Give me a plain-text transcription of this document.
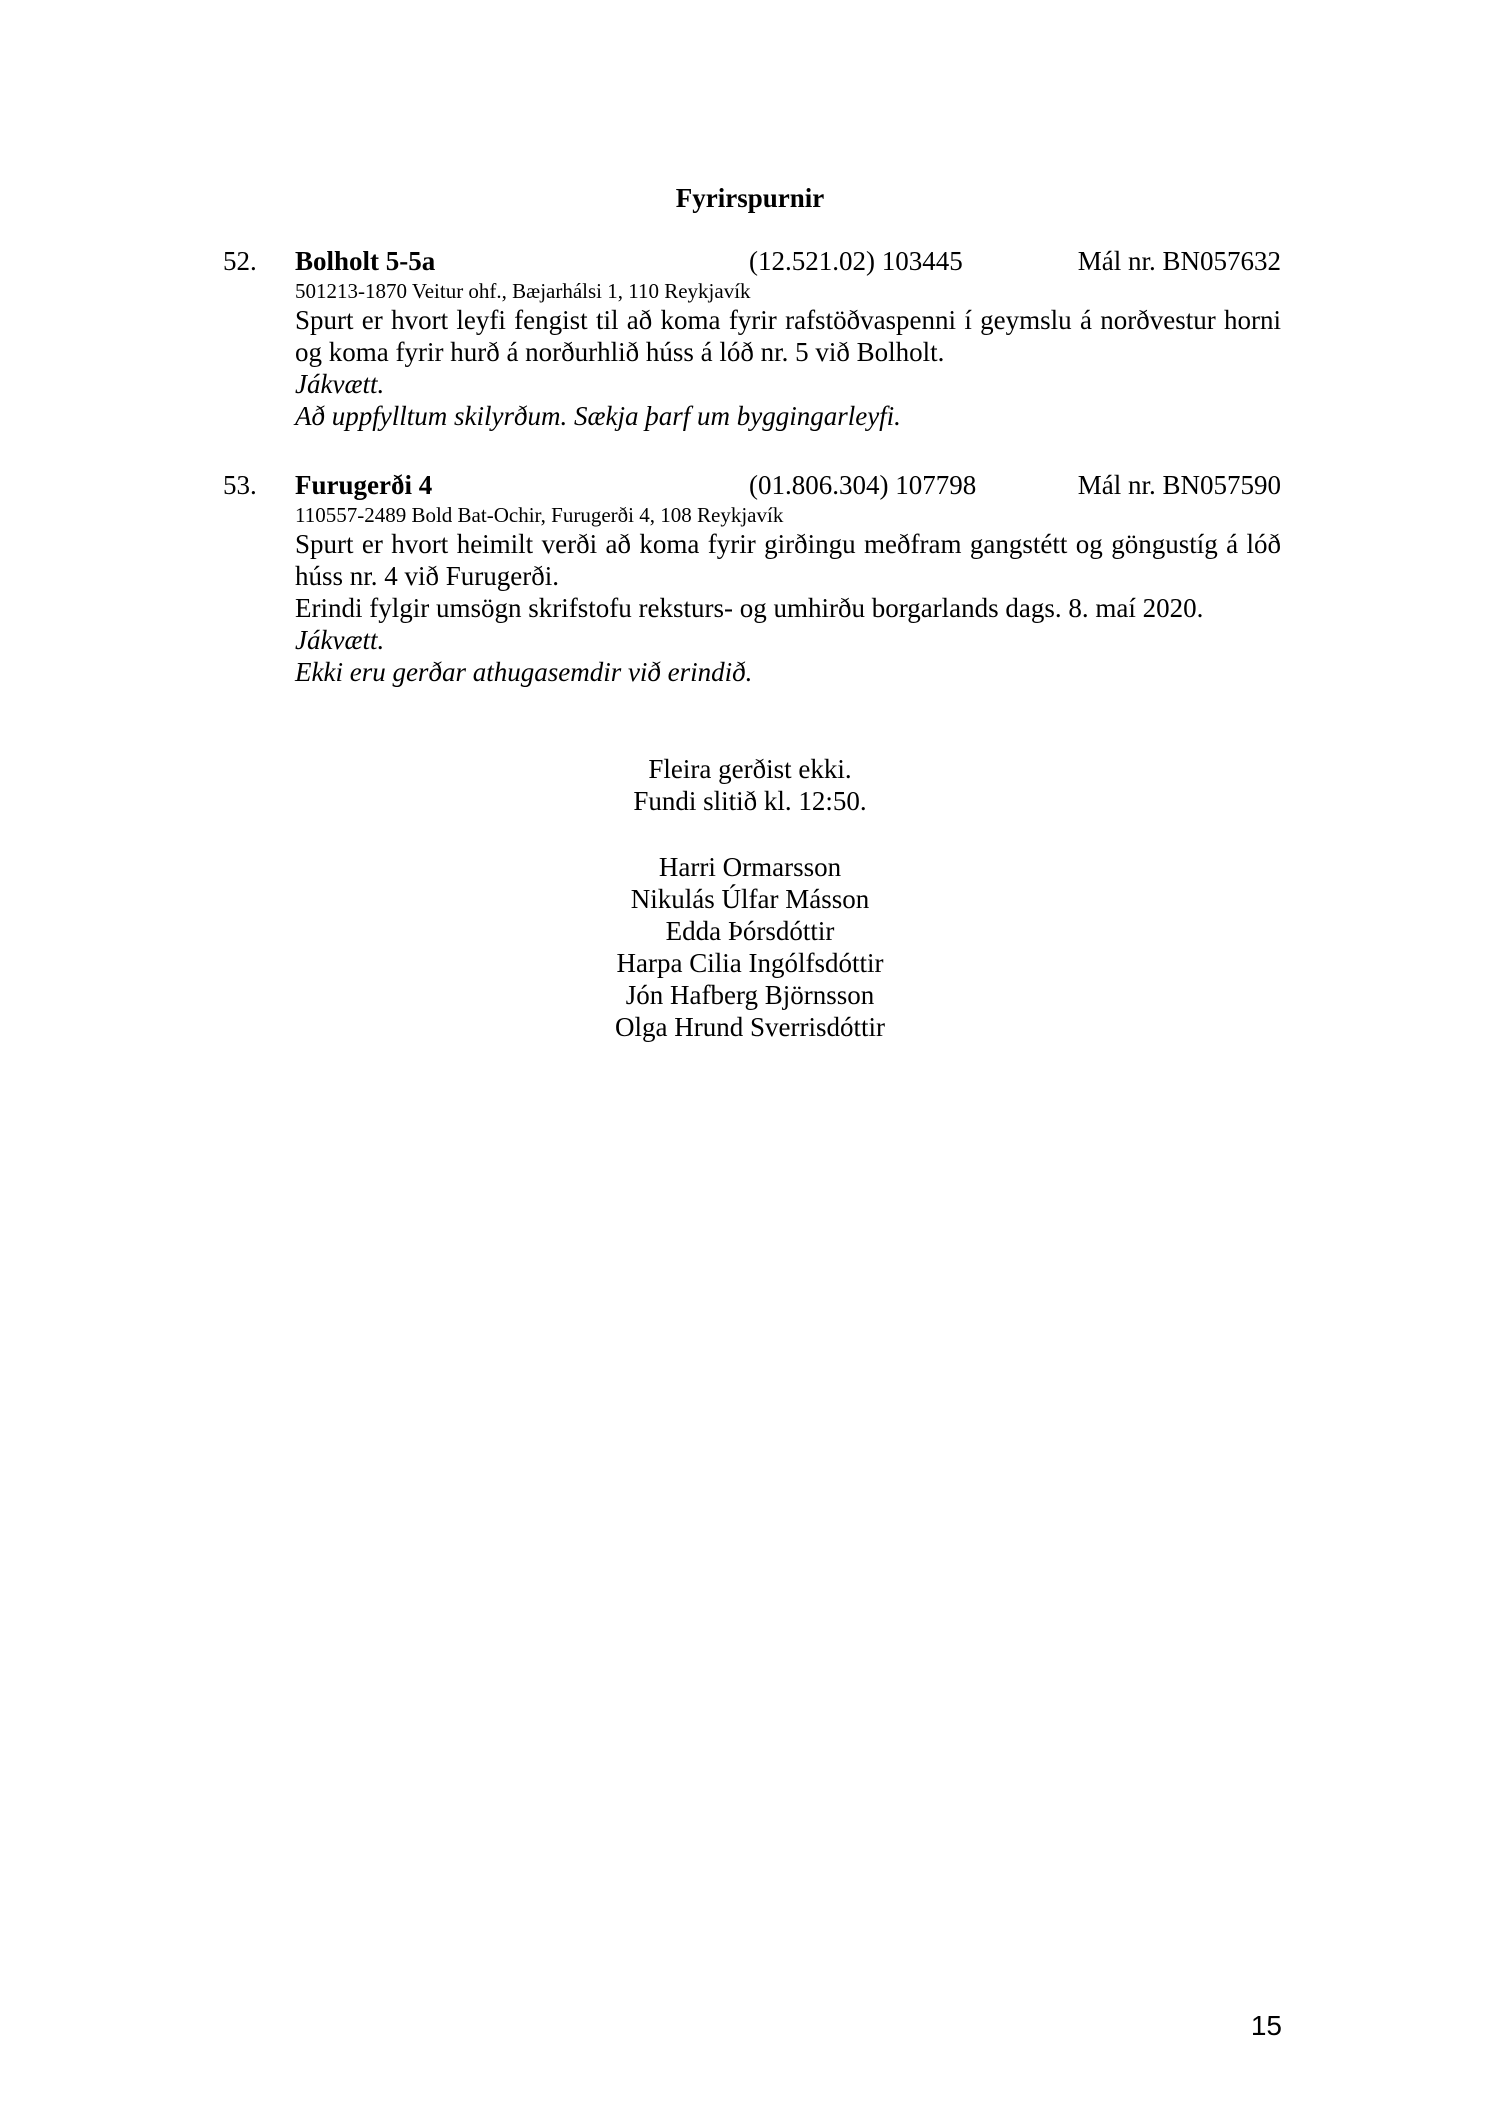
Fyrirspurnir
52. Bolholt 5-5a	(12.521.02) 103445	Mál nr. BN057632
501213-1870 Veitur ohf., Bæjarhálsi 1, 110 Reykjavík
Spurt er hvort leyfi fengist til að koma fyrir rafstöðvaspenni í geymslu á norðvestur horni og koma fyrir hurð á norðurhlið húss á lóð nr. 5 við Bolholt.
Jákvætt.
Að uppfylltum skilyrðum. Sækja þarf um byggingarleyfi.
53. Furugerði 4	(01.806.304) 107798	Mál nr. BN057590
110557-2489 Bold Bat-Ochir, Furugerði 4, 108 Reykjavík
Spurt er hvort heimilt verði að koma fyrir girðingu meðfram gangstétt og göngustíg á lóð húss nr. 4 við Furugerði.
Erindi fylgir umsögn skrifstofu reksturs- og umhirðu borgarlands dags. 8. maí 2020.
Jákvætt.
Ekki eru gerðar athugasemdir við erindið.
Fleira gerðist ekki.
Fundi slitið kl. 12:50.
Harri Ormarsson
Nikulás Úlfar Másson
Edda Þórsdóttir
Harpa Cilia Ingólfsdóttir
Jón Hafberg Björnsson
Olga Hrund Sverrisdóttir
15
